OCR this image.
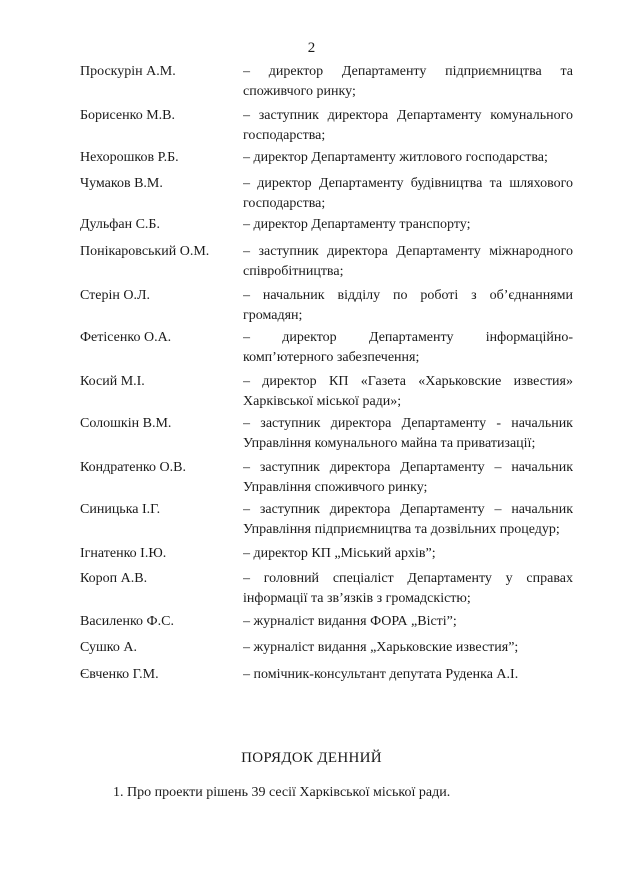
2
Проскурін А.М.	– директор Департаменту підприємництва та
споживчого ринку;
Борисенко М.В.	– заступник директора Департаменту комунального
господарства;
Нехорошков Р.Б.	– директор Департаменту житлового господарства;
Чумаков В.М.	– директор Департаменту будівництва та шляхового
господарства;
Дульфан С.Б.	– директор Департаменту транспорту;
Понікаровський О.М. – заступник директора Департаменту міжнародного
співробітництва;
Стерін О.Л.	– начальник відділу по роботі з об’єднаннями
громадян;
Фетісенко О.А.	– директор Департаменту інформаційно-
комп’ютерного забезпечення;
Косий М.І.	– директор КП «Газета «Харьковские известия»
Харківської міської ради»;
Солошкін В.М.	– заступник директора Департаменту - начальник
Управління комунального майна та приватизації;
Кондратенко О.В.	– заступник директора Департаменту – начальник
Управління споживчого ринку;
Синицька І.Г.	– заступник директора Департаменту – начальник
Управління підприємництва та дозвільних процедур;
Ігнатенко І.Ю.	– директор КП „Міський архів”;
Короп А.В.	– головний спеціаліст Департаменту у справах
інформації та зв’язків з громадскістю;
Василенко Ф.С.	– журналіст видання ФОРА „Вісті”;
Сушко А.	– журналіст видання „Харьковские известия”;
Євченко Г.М.	– помічник-консультант депутата Руденка А.І.
ПОРЯДОК ДЕННИЙ
1. Про проекти рішень 39 сесії Харківської міської ради.
